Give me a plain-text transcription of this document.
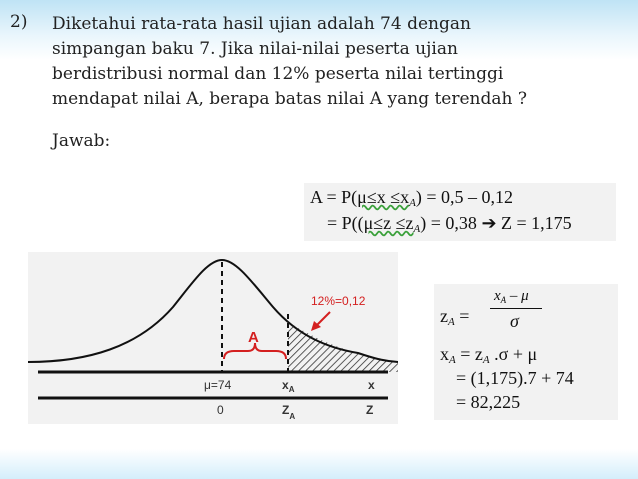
2) Diketahui rata-rata hasil ujian adalah 74 dengan
simpangan baku 7. Jika nilai-nilai peserta ujian
berdistribusi normal dan 12% peserta nilai tertinggi
mendapat nilai A, berapa batas nilai A yang terendah ?
Jawab:
$A = P(\mu\le x \le x_A) = 0,5 - 0,12$
= $P((\mu\le z \le z_A) = 0,38$ ➔ Z = 1,175
A
12%=0,12
μ=74	$x_A$	x
0	$Z_A$	Z
$z_A$ =
$x_A$ – μ
σ
$x_A = z_A$ .σ + μ
= (1,175).7 + 74
= 82,225
